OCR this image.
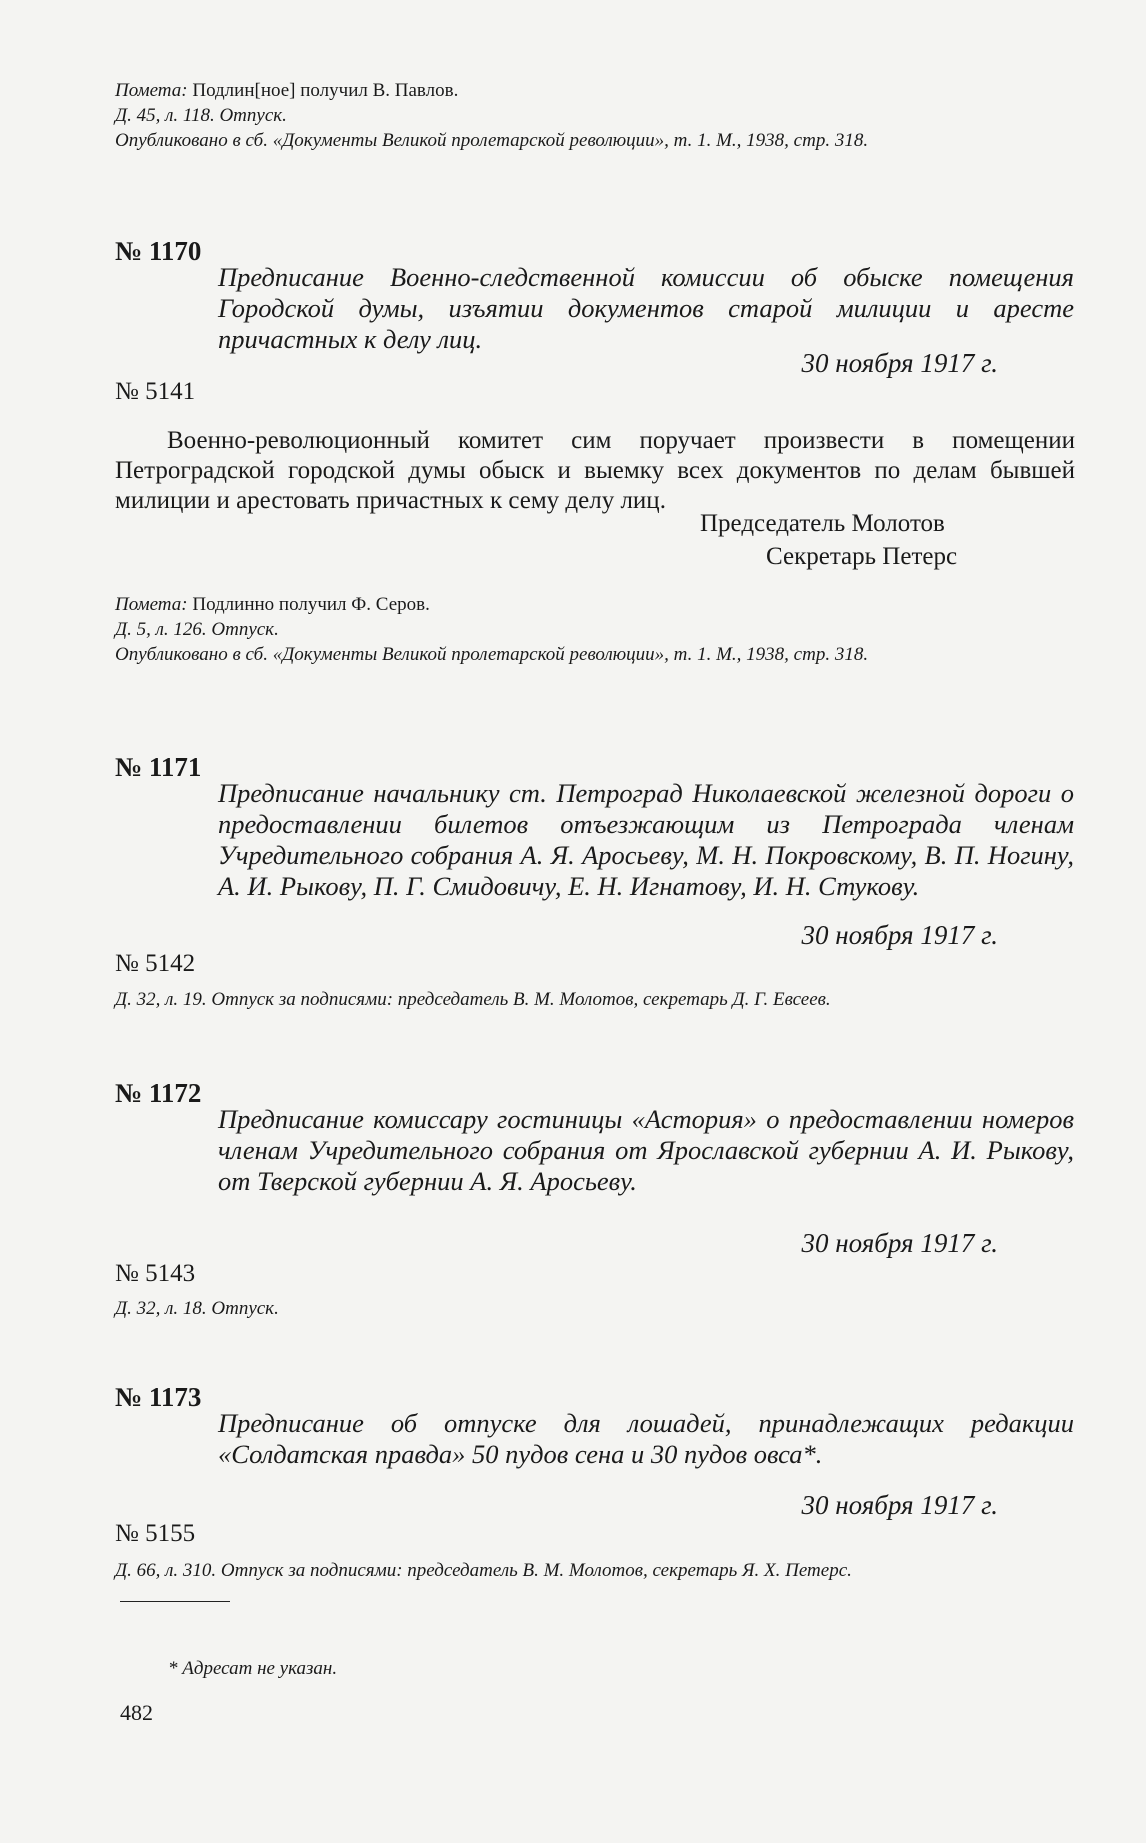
Помета: Подлин[ное] получил В. Павлов.
Д. 45, л. 118. Отпуск.
Опубликовано в сб. «Документы Великой пролетарской революции», т. 1. М., 1938, стр. 318.
№ 1170
Предписание Военно-следственной комиссии об обыске помещения Городской думы, изъятии документов старой милиции и аресте причастных к делу лиц.
30 ноября 1917 г.
№ 5141
Военно-революционный комитет сим поручает произвести в помещении Петроградской городской думы обыск и выемку всех документов по делам бывшей милиции и арестовать причастных к сему делу лиц.
Председатель Молотов
Секретарь Петерс
Помета: Подлинно получил Ф. Серов.
Д. 5, л. 126. Отпуск.
Опубликовано в сб. «Документы Великой пролетарской революции», т. 1. М., 1938, стр. 318.
№ 1171
Предписание начальнику ст. Петроград Николаевской железной дороги о предоставлении билетов отъезжающим из Петрограда членам Учредительного собрания А. Я. Аросьеву, М. Н. Покровскому, В. П. Ногину, А. И. Рыкову, П. Г. Смидовичу, Е. Н. Игнатову, И. Н. Стукову.
30 ноября 1917 г.
№ 5142
Д. 32, л. 19. Отпуск за подписями: председатель В. М. Молотов, секретарь Д. Г. Евсеев.
№ 1172
Предписание комиссару гостиницы «Астория» о предоставлении номеров членам Учредительного собрания от Ярославской губернии А. И. Рыкову, от Тверской губернии А. Я. Аросьеву.
30 ноября 1917 г.
№ 5143
Д. 32, л. 18. Отпуск.
№ 1173
Предписание об отпуске для лошадей, принадлежащих редакции «Солдатская правда» 50 пудов сена и 30 пудов овса*.
30 ноября 1917 г.
№ 5155
Д. 66, л. 310. Отпуск за подписями: председатель В. М. Молотов, секретарь Я. Х. Петерс.
* Адресат не указан.
482
